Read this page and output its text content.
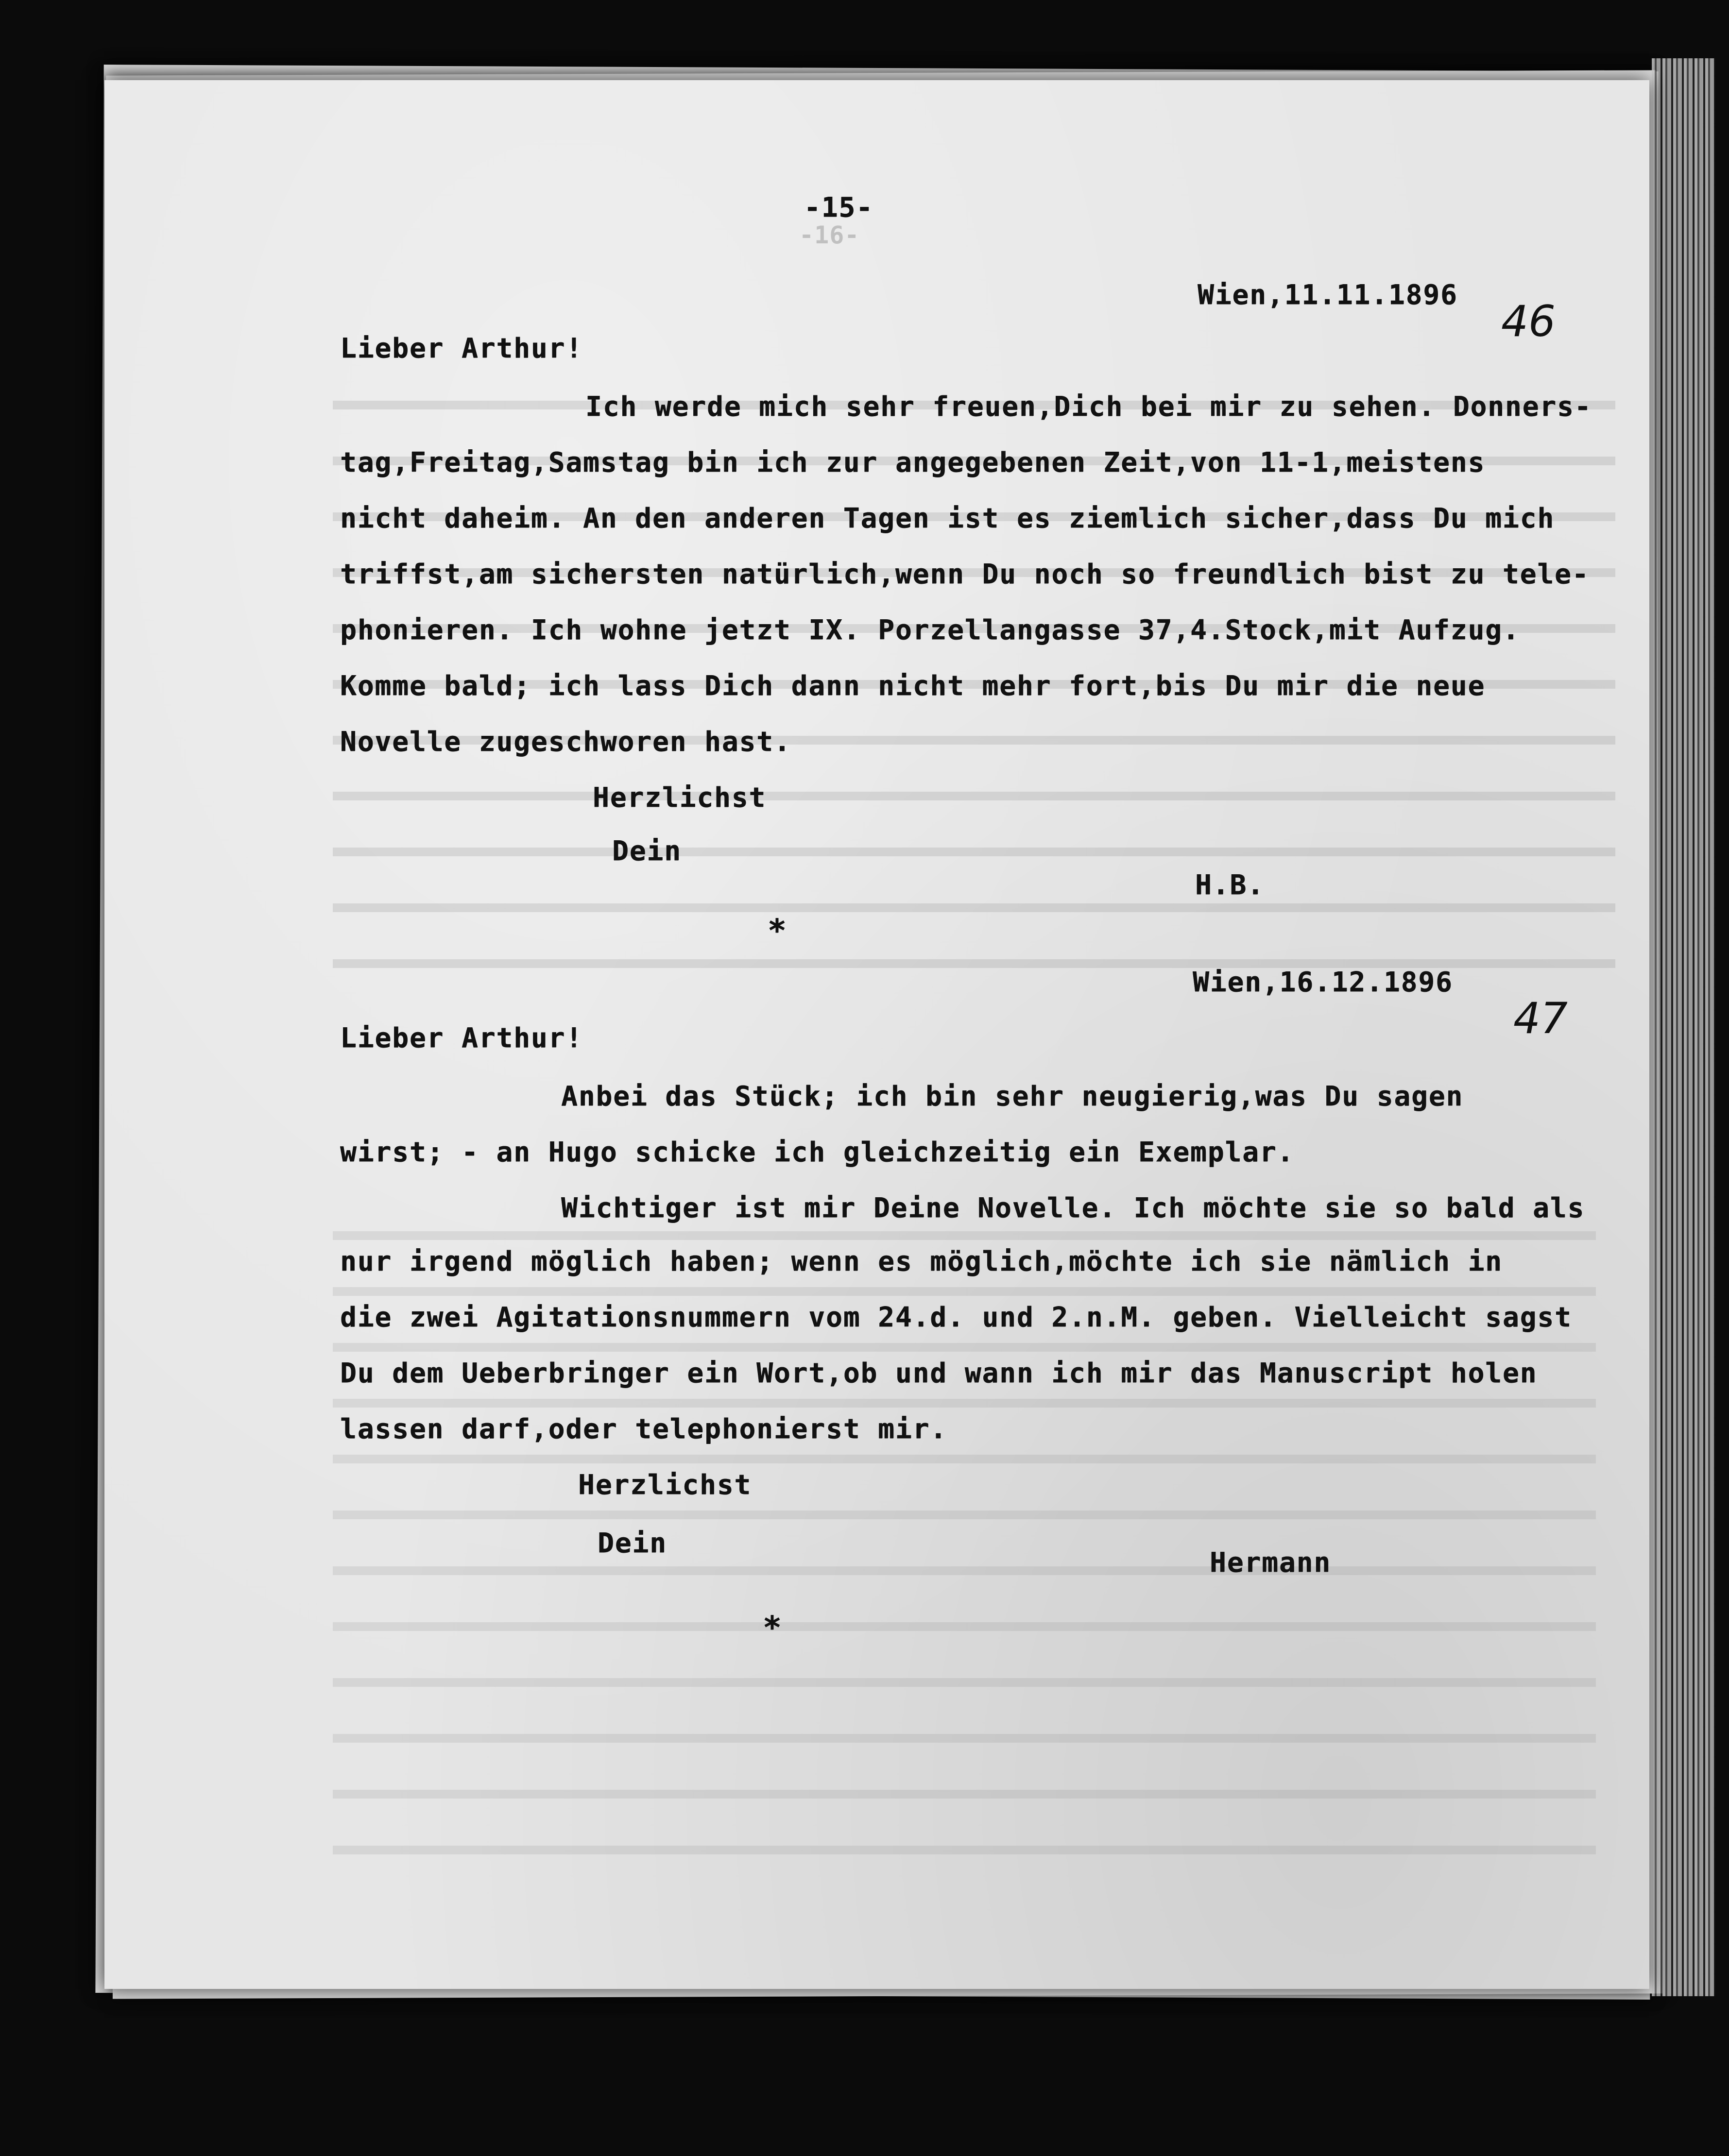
-16-
-15-
Wien,11.11.1896
46
Lieber Arthur!
Ich werde mich sehr freuen,Dich bei mir zu sehen. Donners-
tag,Freitag,Samstag bin ich zur angegebenen Zeit,von 11-1,meistens
nicht daheim. An den anderen Tagen ist es ziemlich sicher,dass Du mich
triffst,am sichersten natürlich,wenn Du noch so freundlich bist zu tele-
phonieren. Ich wohne jetzt IX. Porzellangasse 37,4.Stock,mit Aufzug.
Komme bald; ich lass Dich dann nicht mehr fort,bis Du mir die neue
Novelle zugeschworen hast.
Herzlichst
Dein
H.B.
*
Wien,16.12.1896
47
Lieber Arthur!
Anbei das Stück; ich bin sehr neugierig,was Du sagen
wirst; - an Hugo schicke ich gleichzeitig ein Exemplar.
Wichtiger ist mir Deine Novelle. Ich möchte sie so bald als
nur irgend möglich haben; wenn es möglich,möchte ich sie nämlich in
die zwei Agitationsnummern vom 24.d. und 2.n.M. geben. Vielleicht sagst
Du dem Ueberbringer ein Wort,ob und wann ich mir das Manuscript holen
lassen darf,oder telephonierst mir.
Herzlichst
Dein
Hermann
*
